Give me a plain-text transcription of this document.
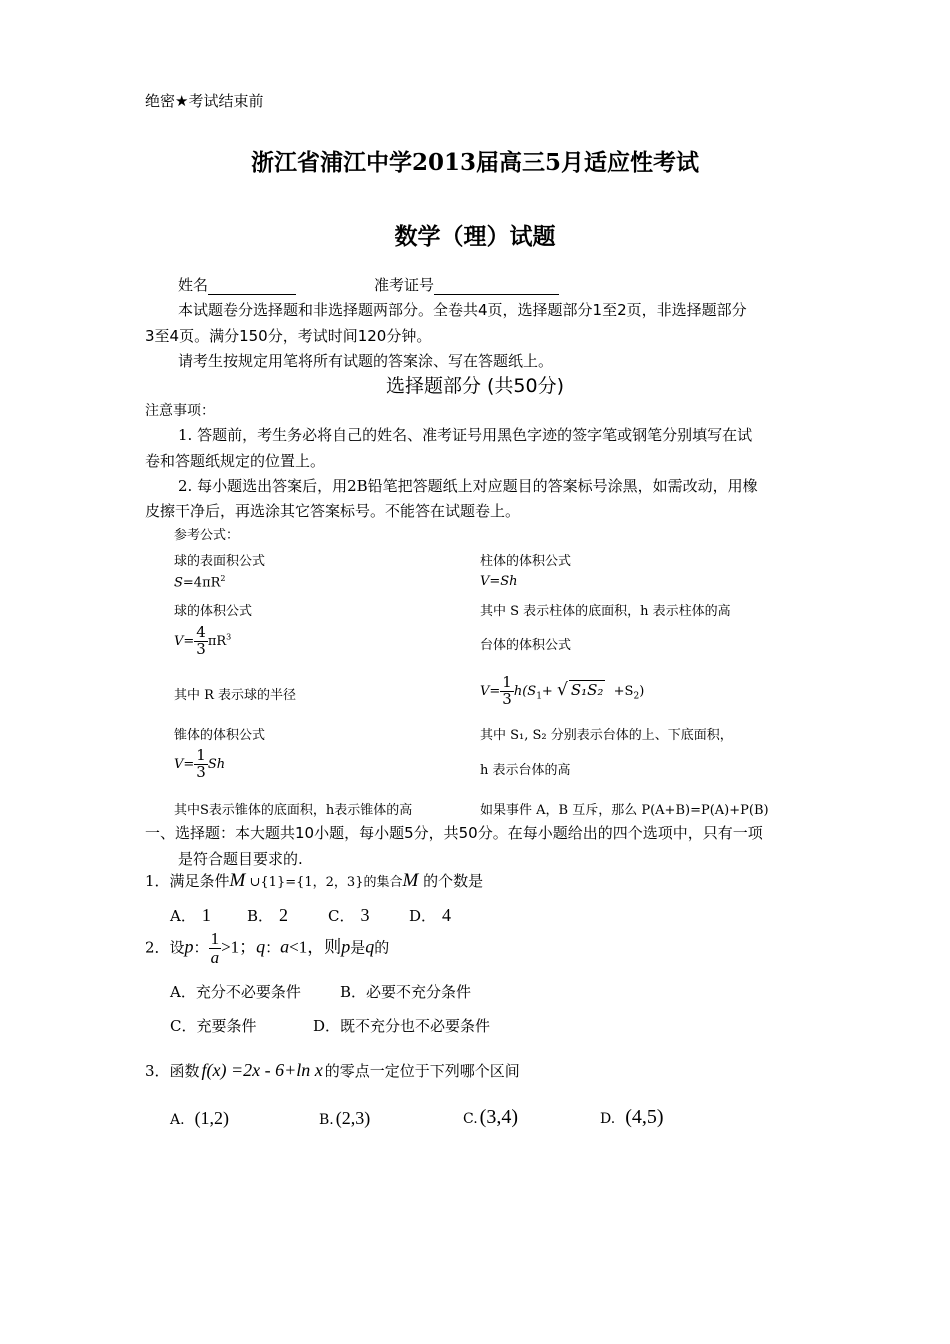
绝密★考试结束前
浙江省浦江中学2013届高三5月适应性考试
数学（理）试题
姓名	准考证号
本试题卷分选择题和非选择题两部分。全卷共4页，选择题部分1至2页，非选择题部分
3至4页。满分150分，考试时间120分钟。
请考生按规定用笔将所有试题的答案涂、写在答题纸上。
选择题部分 (共50分)
注意事项：
1. 答题前，考生务必将自己的姓名、准考证号用黑色字迹的签字笔或钢笔分别填写在试
卷和答题纸规定的位置上。
2. 每小题选出答案后，用2B铅笔把答题纸上对应题目的答案标号涂黑，如需改动，用橡
皮擦干净后，再选涂其它答案标号。不能答在试题卷上。
参考公式：
球的表面积公式
$S=4\pi R^2$
球的体积公式
$V= \frac{4}{3} \pi R^3$
其中 R 表示球的半径
锥体的体积公式
$V= \frac{1}{3}$ Sh
其中S表示锥体的底面积，h表示锥体的高
柱体的体积公式
V=Sh
其中 S 表示柱体的底面积，h 表示柱体的高
台体的体积公式
$V= \frac{1}{3} h(S_1+$ √ $S_1S_2 +S_2$)
其中 S₁, S₂ 分别表示台体的上、下底面积，
h 表示台体的高
如果事件 A，B 互斥，那么 P(A+B)=P(A)+P(B)
一、选择题：本大题共10小题，每小题5分，共50分。在每小题给出的四个选项中，只有一项
是符合题目要求的.
1．满足条件M ∪{1}={1，2，3}的集合M 的个数是
A． 1 B． 2	C． 3	D． 4
2．设p： $\frac{1}{a} >1$；q：a<1，则p是q的
A．充分不必要条件	B．必要不充分条件
C．充要条件	D．既不充分也不必要条件
3．函数 f(x) =2x - 6+ln x 的零点一定位于下列哪个区间
A. (1,2)	B. (2,3)	C. (3,4)	D. (4,5)
